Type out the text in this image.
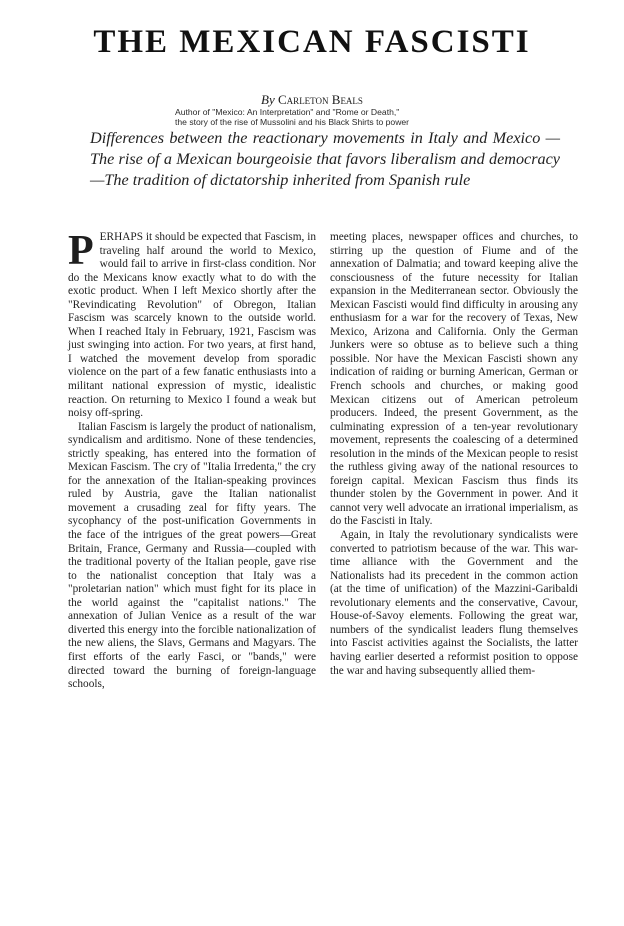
THE MEXICAN FASCISTI
By Carleton Beals
Author of "Mexico: An Interpretation" and "Rome or Death,"
the story of the rise of Mussolini and his Black Shirts to power
Differences between the reactionary movements in Italy and Mexico —The rise of a Mexican bourgeoisie that favors liberalism and democracy—The tradition of dictatorship inherited from Spanish rule

PERHAPS it should be expected that Fascism, in traveling half around the world to Mexico, would fail to arrive in first-class condition. Nor do the Mexicans know exactly what to do with the exotic product. When I left Mexico shortly after the "Revindicating Revolution" of Obregon, Italian Fascism was scarcely known to the outside world. When I reached Italy in February, 1921, Fascism was just swinging into action. For two years, at first hand, I watched the movement develop from sporadic violence on the part of a few fanatic enthusiasts into a militant national expression of mystic, idealistic reaction. On returning to Mexico I found a weak but noisy off-spring.

Italian Fascism is largely the product of nationalism, syndicalism and arditismo. None of these tendencies, strictly speaking, has entered into the formation of Mexican Fascism. The cry of "Italia Irredenta," the cry for the annexation of the Italian-speaking provinces ruled by Austria, gave the Italian nationalist movement a crusading zeal for fifty years. The sycophancy of the post-unification Governments in the face of the intrigues of the great powers—Great Britain, France, Germany and Russia—coupled with the traditional poverty of the Italian people, gave rise to the nationalist conception that Italy was a "proletarian nation" which must fight for its place in the world against the "capitalist nations." The annexation of Julian Venice as a result of the war diverted this energy into the forcible nationalization of the new aliens, the Slavs, Germans and Magyars. The first efforts of the early Fasci, or "bands," were directed toward the burning of foreign-language schools,

meeting places, newspaper offices and churches, to stirring up the question of Fiume and of the annexation of Dalmatia; and toward keeping alive the consciousness of the future necessity for Italian expansion in the Mediterranean sector. Obviously the Mexican Fascisti would find difficulty in arousing any enthusiasm for a war for the recovery of Texas, New Mexico, Arizona and California. Only the German Junkers were so obtuse as to believe such a thing possible. Nor have the Mexican Fascisti shown any indication of raiding or burning American, German or French schools and churches, or making good Mexican citizens out of American petroleum producers. Indeed, the present Government, as the culminating expression of a ten-year revolutionary movement, represents the coalescing of a determined resolution in the minds of the Mexican people to resist the ruthless giving away of the national resources to foreign capital. Mexican Fascism thus finds its thunder stolen by the Government in power. And it cannot very well advocate an irrational imperialism, as do the Fascisti in Italy.

Again, in Italy the revolutionary syndicalists were converted to patriotism because of the war. This war-time alliance with the Government and the Nationalists had its precedent in the common action (at the time of unification) of the Mazzini-Garibaldi revolutionary elements and the conservative, Cavour, House-of-Savoy elements. Following the great war, numbers of the syndicalist leaders flung themselves into Fascist activities against the Socialists, the latter having earlier deserted a reformist position to oppose the war and having subsequently allied them-
